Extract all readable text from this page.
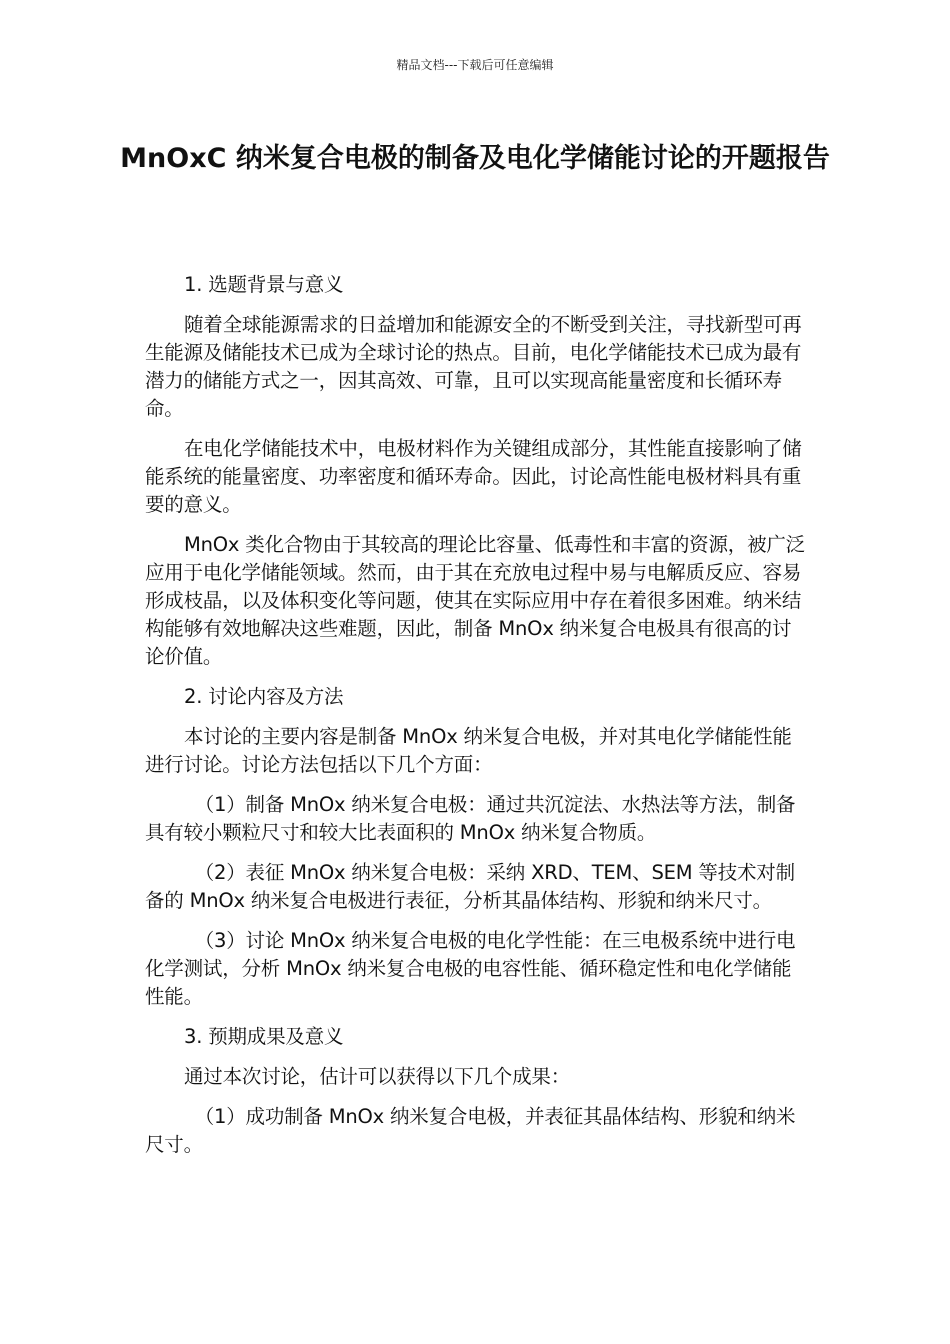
精品文档---下载后可任意编辑
MnOxC 纳米复合电极的制备及电化学储能讨论的开题报告

1. 选题背景与意义

随着全球能源需求的日益增加和能源安全的不断受到关注，寻找新型可再生能源及储能技术已成为全球讨论的热点。目前，电化学储能技术已成为最有潜力的储能方式之一，因其高效、可靠，且可以实现高能量密度和长循环寿命。

在电化学储能技术中，电极材料作为关键组成部分，其性能直接影响了储能系统的能量密度、功率密度和循环寿命。因此，讨论高性能电极材料具有重要的意义。

MnOx 类化合物由于其较高的理论比容量、低毒性和丰富的资源，被广泛应用于电化学储能领域。然而，由于其在充放电过程中易与电解质反应、容易形成枝晶，以及体积变化等问题，使其在实际应用中存在着很多困难。纳米结构能够有效地解决这些难题，因此，制备 MnOx 纳米复合电极具有很高的讨论价值。

2. 讨论内容及方法

本讨论的主要内容是制备 MnOx 纳米复合电极，并对其电化学储能性能进行讨论。讨论方法包括以下几个方面：

（1）制备 MnOx 纳米复合电极：通过共沉淀法、水热法等方法，制备具有较小颗粒尺寸和较大比表面积的 MnOx 纳米复合物质。

（2）表征 MnOx 纳米复合电极：采纳 XRD、TEM、SEM 等技术对制备的 MnOx 纳米复合电极进行表征，分析其晶体结构、形貌和纳米尺寸。

（3）讨论 MnOx 纳米复合电极的电化学性能：在三电极系统中进行电化学测试，分析 MnOx 纳米复合电极的电容性能、循环稳定性和电化学储能性能。

3. 预期成果及意义

通过本次讨论，估计可以获得以下几个成果：

（1）成功制备 MnOx 纳米复合电极，并表征其晶体结构、形貌和纳米尺寸。
